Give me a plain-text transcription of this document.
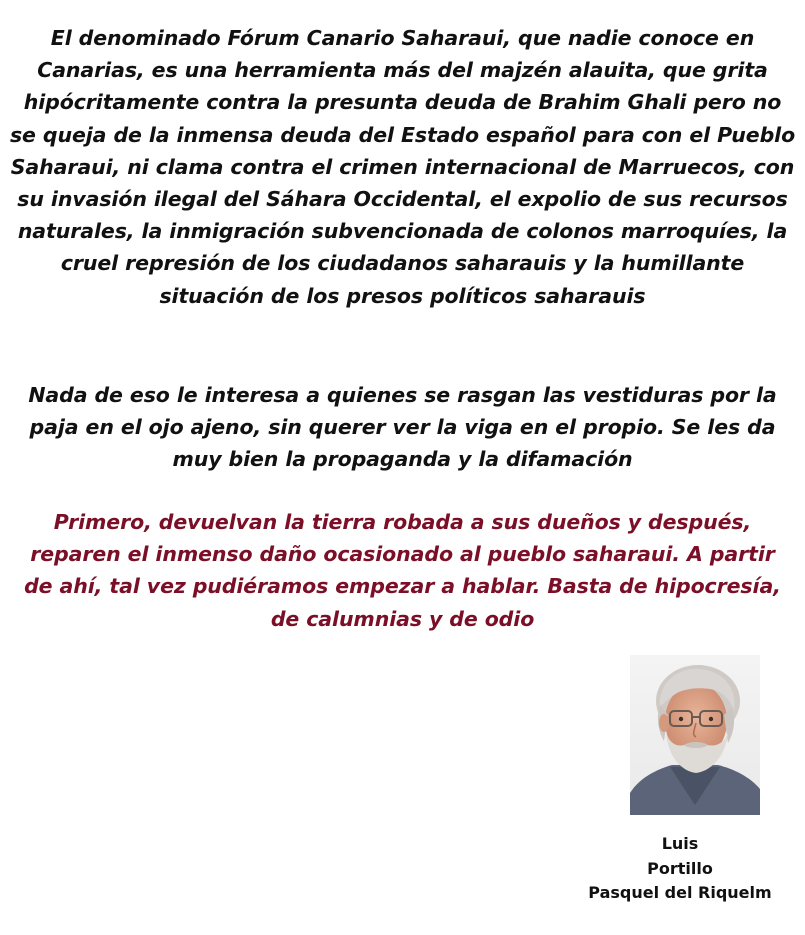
El denominado Fórum Canario Saharaui, que nadie conoce en Canarias, es una herramienta más del majzén alauita, que grita hipócritamente contra la presunta deuda de Brahim Ghali pero no se queja de la inmensa deuda del Estado español para con el Pueblo Saharaui, ni clama contra el crimen internacional de Marruecos, con su invasión ilegal del Sáhara Occidental, el expolio de sus recursos naturales, la inmigración subvencionada de colonos marroquíes, la cruel represión de los ciudadanos saharauis y la humillante situación de los presos políticos saharauis

Nada de eso le interesa a quienes se rasgan las vestiduras por la paja en el ojo ajeno, sin querer ver la viga en el propio. Se les da muy bien la propaganda y la difamación

Primero, devuelvan la tierra robada a sus dueños y después, reparen el inmenso daño ocasionado al pueblo saharaui. A partir de ahí, tal vez pudiéramos empezar a hablar. Basta de hipocresía, de calumnias y de odio

Luis
Portillo
Pasquel del Riquelm
